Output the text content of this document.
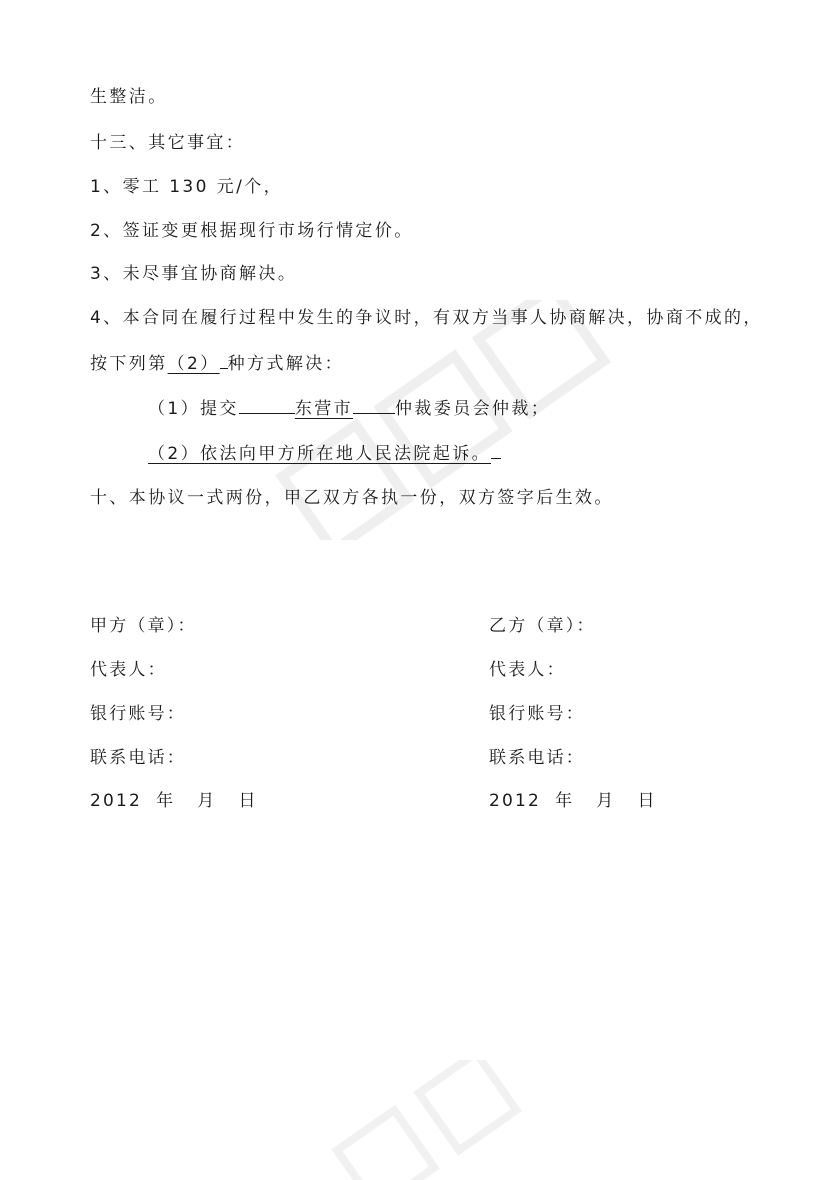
生整洁。
十三、其它事宜：
1、零工 130 元/个，
2、签证变更根据现行市场行情定价。
3、未尽事宜协商解决。
4、本合同在履行过程中发生的争议时，有双方当事人协商解决，协商不成的，
按下列第（2） 种方式解决：
（1）提交	东营市 仲裁委员会仲裁；
（2）依法向甲方所在地人民法院起诉。
十、本协议一式两份，甲乙双方各执一份，双方签字后生效。
甲方（章）：
代表人：
银行账号：
联系电话：
2012 年 月 日
乙方（章）：
代表人：
银行账号：
联系电话：
2012 年 月 日
